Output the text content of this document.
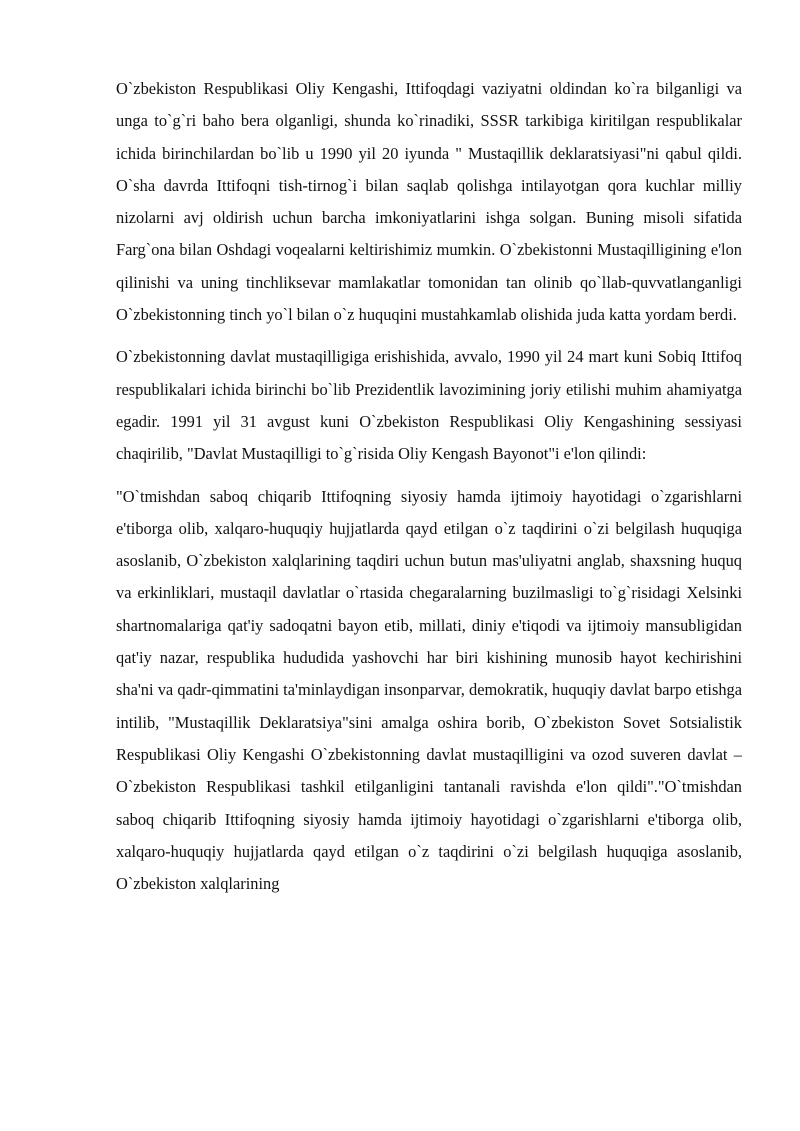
O`zbekiston Respublikasi Oliy Kengashi, Ittifoqdagi vaziyatni oldindan ko`ra bilganligi va unga to`g`ri baho bera olganligi, shunda ko`rinadiki, SSSR tarkibiga kiritilgan respublikalar ichida birinchilardan bo`lib u 1990 yil 20 iyunda " Mustaqillik deklaratsiyasi"ni qabul qildi. O`sha davrda Ittifoqni tish-tirnog`i bilan saqlab qolishga intilayotgan qora kuchlar milliy nizolarni avj oldirish uchun barcha imkoniyatlarini ishga solgan. Buning misoli sifatida Farg`ona bilan Oshdagi voqealarni keltirishimiz mumkin. O`zbekistonni Mustaqilligining e'lon qilinishi va uning tinchliksevar mamlakatlar tomonidan tan olinib qo`llab-quvvatlanganligi O`zbekistonning tinch yo`l bilan o`z huquqini mustahkamlab olishida juda katta yordam berdi.

O`zbekistonning davlat mustaqilligiga erishishida, avvalo, 1990 yil 24 mart kuni Sobiq Ittifoq respublikalari ichida birinchi bo`lib Prezidentlik lavozimining joriy etilishi muhim ahamiyatga egadir. 1991 yil 31 avgust kuni O`zbekiston Respublikasi Oliy Kengashining sessiyasi chaqirilib, "Davlat Mustaqilligi to`g`risida Oliy Kengash Bayonot"i e'lon qilindi:

"O`tmishdan saboq chiqarib Ittifoqning siyosiy hamda ijtimoiy hayotidagi o`zgarishlarni e'tiborga olib, xalqaro-huquqiy hujjatlarda qayd etilgan o`z taqdirini o`zi belgilash huquqiga asoslanib, O`zbekiston xalqlarining taqdiri uchun butun mas'uliyatni anglab, shaxsning huquq va erkinliklari, mustaqil davlatlar o`rtasida chegaralarning buzilmasligi to`g`risidagi Xelsinki shartnomalariga qat'iy sadoqatni bayon etib, millati, diniy e'tiqodi va ijtimoiy mansubligidan qat'iy nazar, respublika hududida yashovchi har biri kishining munosib hayot kechirishini sha'ni va qadr-qimmatini ta'minlaydigan insonparvar, demokratik, huquqiy davlat barpo etishga intilib, "Mustaqillik Deklaratsiya"sini amalga oshira borib, O`zbekiston Sovet Sotsialistik Respublikasi Oliy Kengashi O`zbekistonning davlat mustaqilligini va ozod suveren davlat – O`zbekiston Respublikasi tashkil etilganligini tantanali ravishda e'lon qildi"."O`tmishdan saboq chiqarib Ittifoqning siyosiy hamda ijtimoiy hayotidagi o`zgarishlarni e'tiborga olib, xalqaro-huquqiy hujjatlarda qayd etilgan o`z taqdirini o`zi belgilash huquqiga asoslanib, O`zbekiston xalqlarining
